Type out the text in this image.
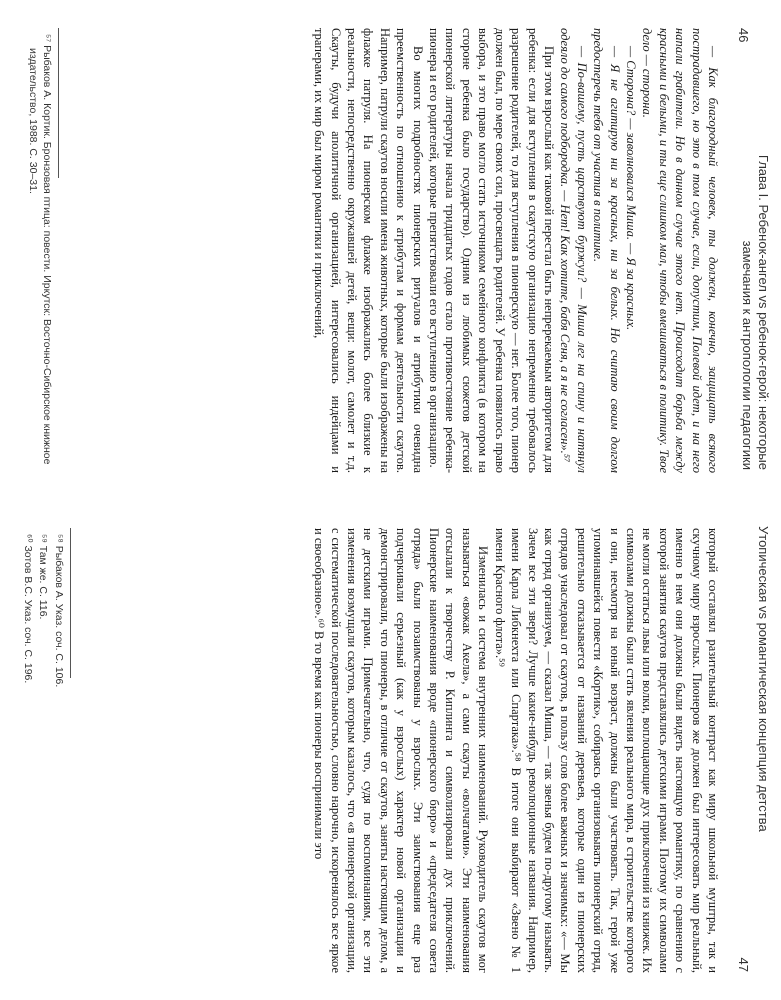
46
Глава I. Ребенок-ангел vs ребенок-герой: некоторые замечания к антропологии педагогики

— Как благородный человек, ты должен, конечно, защищать всякого пострадавшего, но это в том случае, если, допустим, Полевой идет, и на него напали грабители. Но в данном случае этого нет. Происходит борьба между красными и белыми, и ты еще слишком мал, чтобы вмешиваться в политику. Твое дело — сторона.

— Сторона? — заволновался Миша. — Я за красных.

— Я не агитирую ни за красных, ни за белых. Но считаю своим долгом предостеречь тебя от участия в политике.

— По-вашему, пусть царствуют буржуи? — Миша лег на спину и натянул одеяло до самого подбородка. — Нет! Как хотите, бабя Сеня, а я не согласен».⁵⁷

При этом взрослый как таковой перестал быть непререкаемым авторитетом для ребенка: если для вступления в скаутскую организацию непременно требовалось разрешение родителей, то для вступления в пионерскую — нет. Более того, пионер должен был, по мере своих сил, просвещать родителей. У ребенка появилось право выбора, и это право могло стать источником семейного конфликта (в котором на стороне ребенка было государство). Одним из любимых сюжетов детской пионерской литературы начала тридцатых годов стало противостояние ребенка-пионера и его родителей, которые препятствовали его вступлению в организацию.

Во многих подробностях пионерских ритуалов и атрибутики очевидна преемственность по отношению к атрибутам и формам деятельности скаутов. Например, патрули скаутов носили имена животных, которые были изображены на флажке патруля. На пионерском флажке изображались более близкие к реальности, непосредственно окружавшей детей, вещи: молот, самолет и т.д. Скауты, будучи аполитичной организацией, интересовались индейцами и траперами, их мир был миром романтики и приключений,

⁵⁷ Рыбаков А. Кортик. Бронзовая птица: повести. Иркутск: Восточно-Сибирское книжное издательство, 1988. С. 30–31.

Утопическая vs романтическая концепция детства
47

который составлял разительный контраст как миру школьной муштры, так и скучному миру взрослых. Пионеров же должен был интересовать мир реальный, именно в нем они должны были видеть настоящую романтику, по сравнению с которой занятия скаутов представлялись детскими играми. Поэтому их символами не могли остаться львы или волки, воплощающие дух приключений из книжек. Их символами должны были стать явления реального мира, в строительстве которого и они, несмотря на юный возраст, должны были участвовать. Так, герой уже упоминавшейся повести «Кортик», собираясь организовывать пионерский отряд, решительно отказывается от названий деревьев, которые один из пионерских отрядов унаследовал от скаутов, в пользу слов более важных и значимых: «— Мы как отряд организуем, — сказал Миша, — так звенья будем по-другому называть. Зачем все эти звери? Лучше какие-нибудь революционные названия. Например, имени Карла Либкнехта или Спартака».⁵⁸ В итоге они выбирают «Звено № 1 имени Красного флота».⁵⁹

Изменилась и система внутренних наименований. Руководитель скаутов мог называться «вожак Акела», а сами скауты «волчатами». Эти наименования отсылали к творчеству Р. Киплинга и символизировали дух приключений. Пионерские наименования вроде «пионерского бюро» и «председателя совета отряда» были позаимствованы у взрослых. Эти заимствования еще раз подчеркивали серьезный (как у взрослых) характер новой организации и демонстрировали, что пионеры, в отличие от скаутов, заняты настоящим делом, а не детскими играми. Примечательно, что, судя по воспоминаниям, все эти изменения возмущали скаутов, которым казалось, что «в пионерской организации, с систематической последовательностью, словно нарочно, искоренялось все яркое и своеобразное».⁶⁰ В то время как пионеры воспринимали это

⁵⁸ Рыбаков А. Указ. соч. С. 106.

⁵⁹ Там же. С. 116.

⁶⁰ Зотов В.С. Указ. соч. С. 196.
